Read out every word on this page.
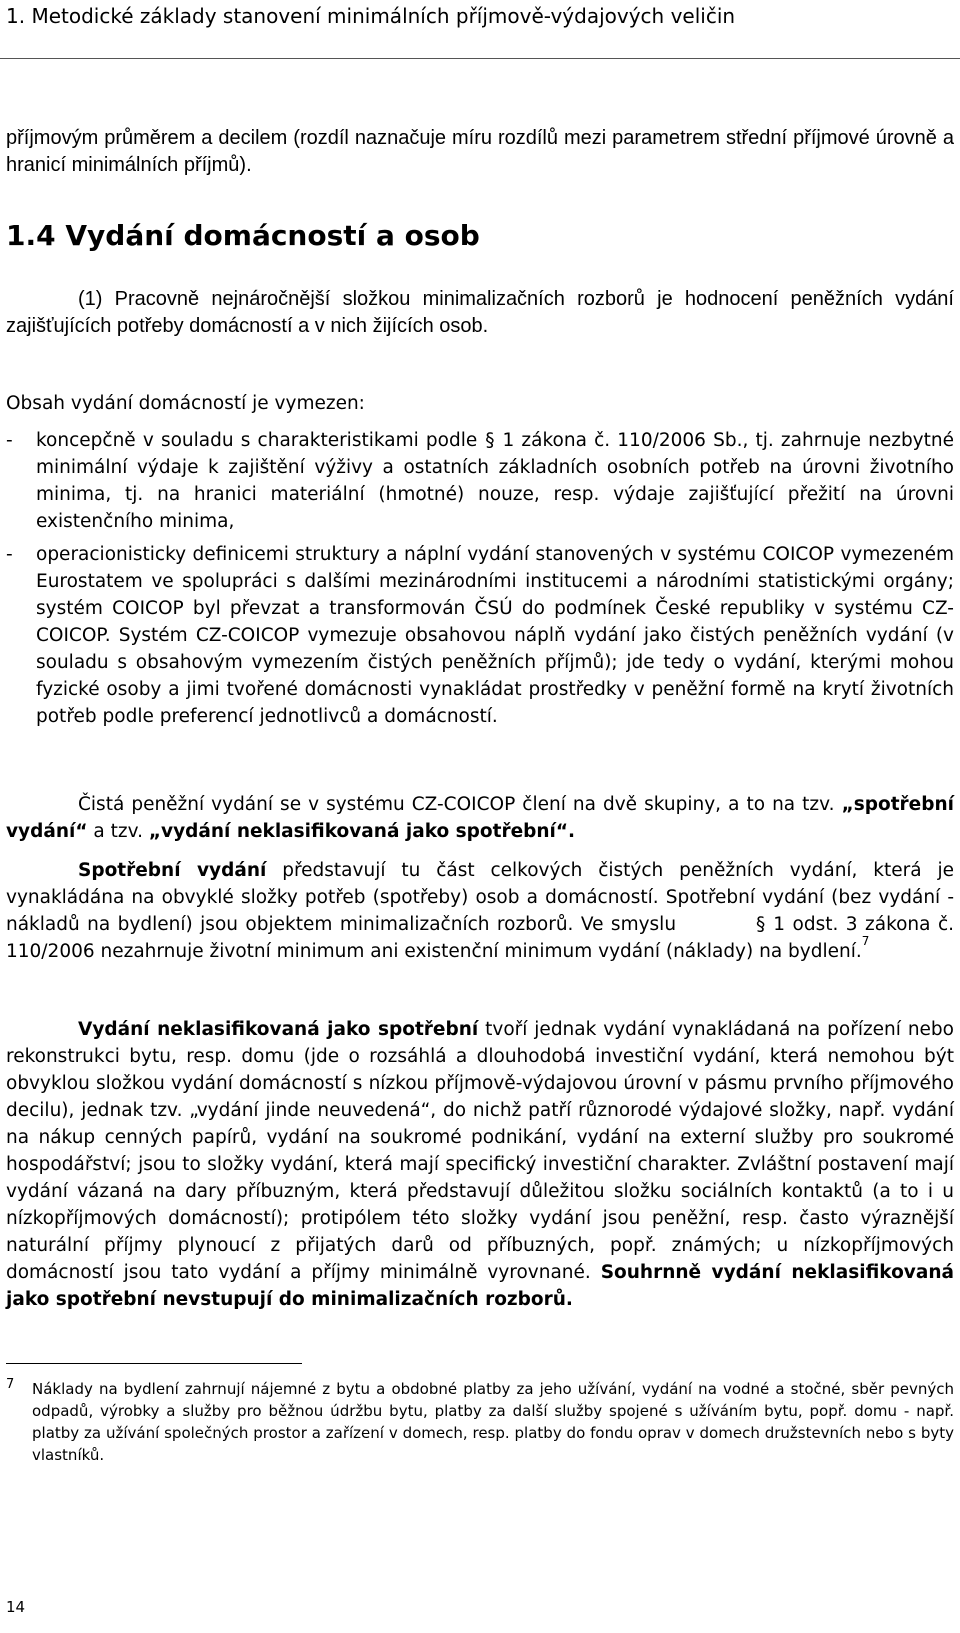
1. Metodické základy stanovení minimálních příjmově-výdajových veličin
příjmovým průměrem a decilem (rozdíl naznačuje míru rozdílů mezi parametrem střední příjmové úrovně a hranicí minimálních příjmů).
1.4 Vydání domácností a osob
(1) Pracovně nejnáročnější složkou minimalizačních rozborů je hodnocení peněžních vydání zajišťujících potřeby domácností a v nich žijících osob.
Obsah vydání domácností je vymezen:
- koncepčně v souladu s charakteristikami podle § 1 zákona č. 110/2006 Sb., tj. zahrnuje nezbytné minimální výdaje k zajištění výživy a ostatních základních osobních potřeb na úrovni životního minima, tj. na hranici materiální (hmotné) nouze, resp. výdaje zajišťující přežití na úrovni existenčního minima,
- operacionisticky definicemi struktury a náplní vydání stanovených v systému COICOP vymezeném Eurostatem ve spolupráci s dalšími mezinárodními institucemi a národními statistickými orgány; systém COICOP byl převzat a transformován ČSÚ do podmínek České republiky v systému CZ-COICOP. Systém CZ-COICOP vymezuje obsahovou náplň vydání jako čistých peněžních vydání (v souladu s obsahovým vymezením čistých peněžních příjmů); jde tedy o vydání, kterými mohou fyzické osoby a jimi tvořené domácnosti vynakládat prostředky v peněžní formě na krytí životních potřeb podle preferencí jednotlivců a domácností.
Čistá peněžní vydání se v systému CZ-COICOP člení na dvě skupiny, a to na tzv. „spotřební vydání“ a tzv. „vydání neklasifikovaná jako spotřební“.
Spotřební vydání představují tu část celkových čistých peněžních vydání, která je vynakládána na obvyklé složky potřeb (spotřeby) osob a domácností. Spotřební vydání (bez vydání - nákladů na bydlení) jsou objektem minimalizačních rozborů. Ve smyslu	§ 1 odst. 3 zákona č. 110/2006 nezahrnuje životní minimum ani existenční minimum vydání (náklady) na bydlení.$^7$
Vydání neklasifikovaná jako spotřební tvoří jednak vydání vynakládaná na pořízení nebo rekonstrukci bytu, resp. domu (jde o rozsáhlá a dlouhodobá investiční vydání, která nemohou být obvyklou složkou vydání domácností s nízkou příjmově-výdajovou úrovní v pásmu prvního příjmového decilu), jednak tzv. „vydání jinde neuvedená“, do nichž patří různorodé výdajové složky, např. vydání na nákup cenných papírů, vydání na soukromé podnikání, vydání na externí služby pro soukromé hospodářství; jsou to složky vydání, která mají specifický investiční charakter. Zvláštní postavení mají vydání vázaná na dary příbuzným, která představují důležitou složku sociálních kontaktů (a to i u nízkopříjmových domácností); protipólem této složky vydání jsou peněžní, resp. často výraznější naturální příjmy plynoucí z přijatých darů od příbuzných, popř. známých; u nízkopříjmových domácností jsou tato vydání a příjmy minimálně vyrovnané. Souhrnně vydání neklasifikovaná jako spotřební nevstupují do minimalizačních rozborů.
7 Náklady na bydlení zahrnují nájemné z bytu a obdobné platby za jeho užívání, vydání na vodné a stočné, sběr pevných odpadů, výrobky a služby pro běžnou údržbu bytu, platby za další služby spojené s užíváním bytu, popř. domu - např. platby za užívání společných prostor a zařízení v domech, resp. platby do fondu oprav v domech družstevních nebo s byty vlastníků.
14
